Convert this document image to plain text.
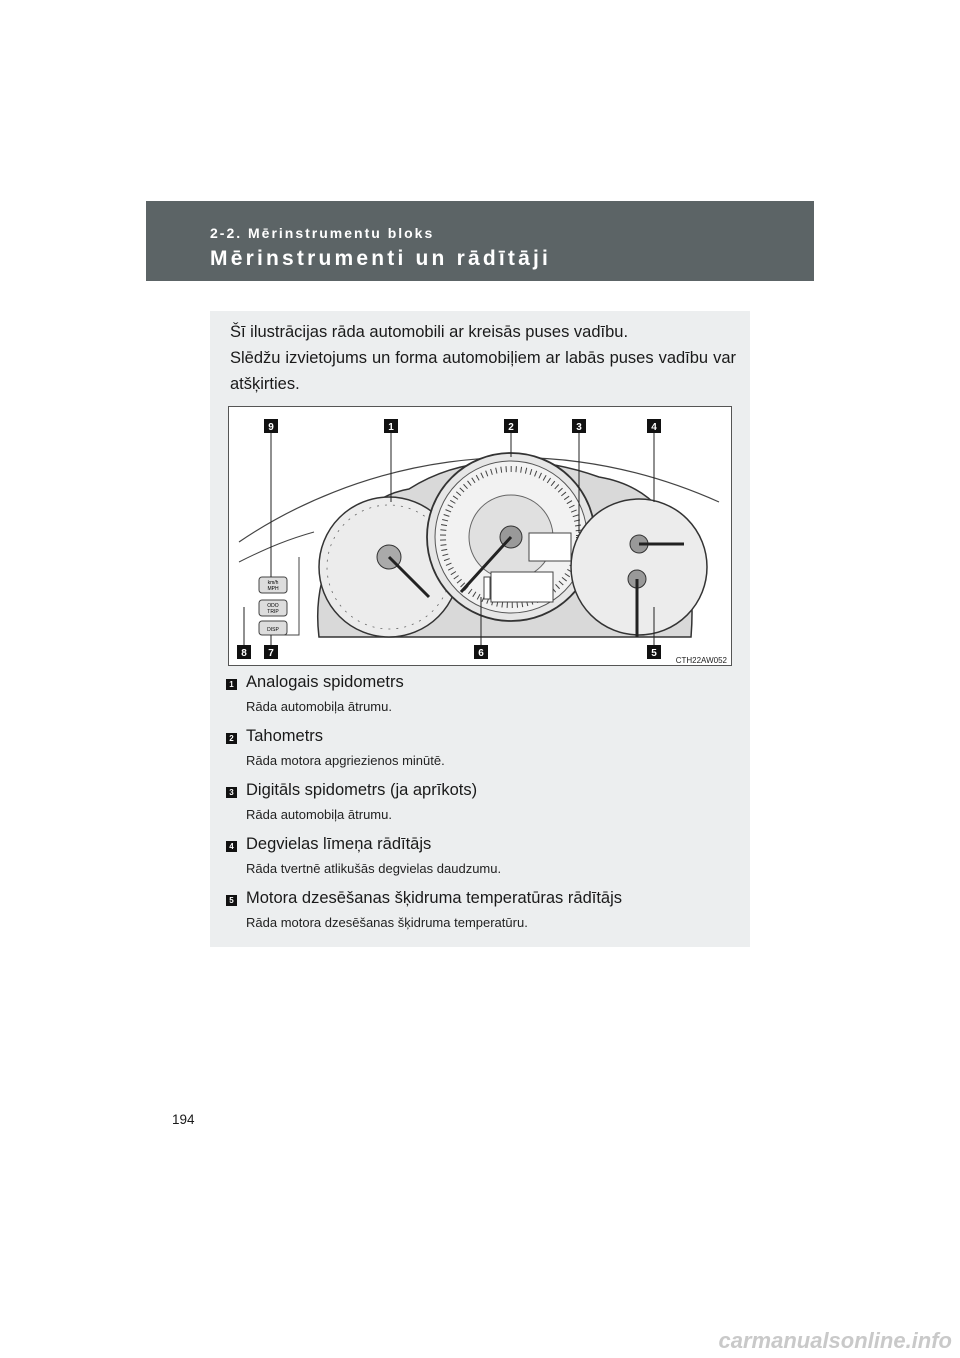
2-2. Mērinstrumentu bloks
Mērinstrumenti un rādītāji
Šī ilustrācijas rāda automobili ar kreisās puses vadību.
Slēdžu izvietojums un forma automobiļiem ar labās puses vadību var atšķirties.
km/h
MPH
ODO
TRIP
DISP
9	1	2	3	4
8 7	6	5
CTH22AW052
1 Analogais spidometrs
Rāda automobiļa ātrumu.
2 Tahometrs
Rāda motora apgriezienos minūtē.
3 Digitāls spidometrs (ja aprīkots)
Rāda automobiļa ātrumu.
4 Degvielas līmeņa rādītājs
Rāda tvertnē atlikušās degvielas daudzumu.
5 Motora dzesēšanas šķidruma temperatūras rādītājs
Rāda motora dzesēšanas šķidruma temperatūru.
194
carmanualsonline.info
